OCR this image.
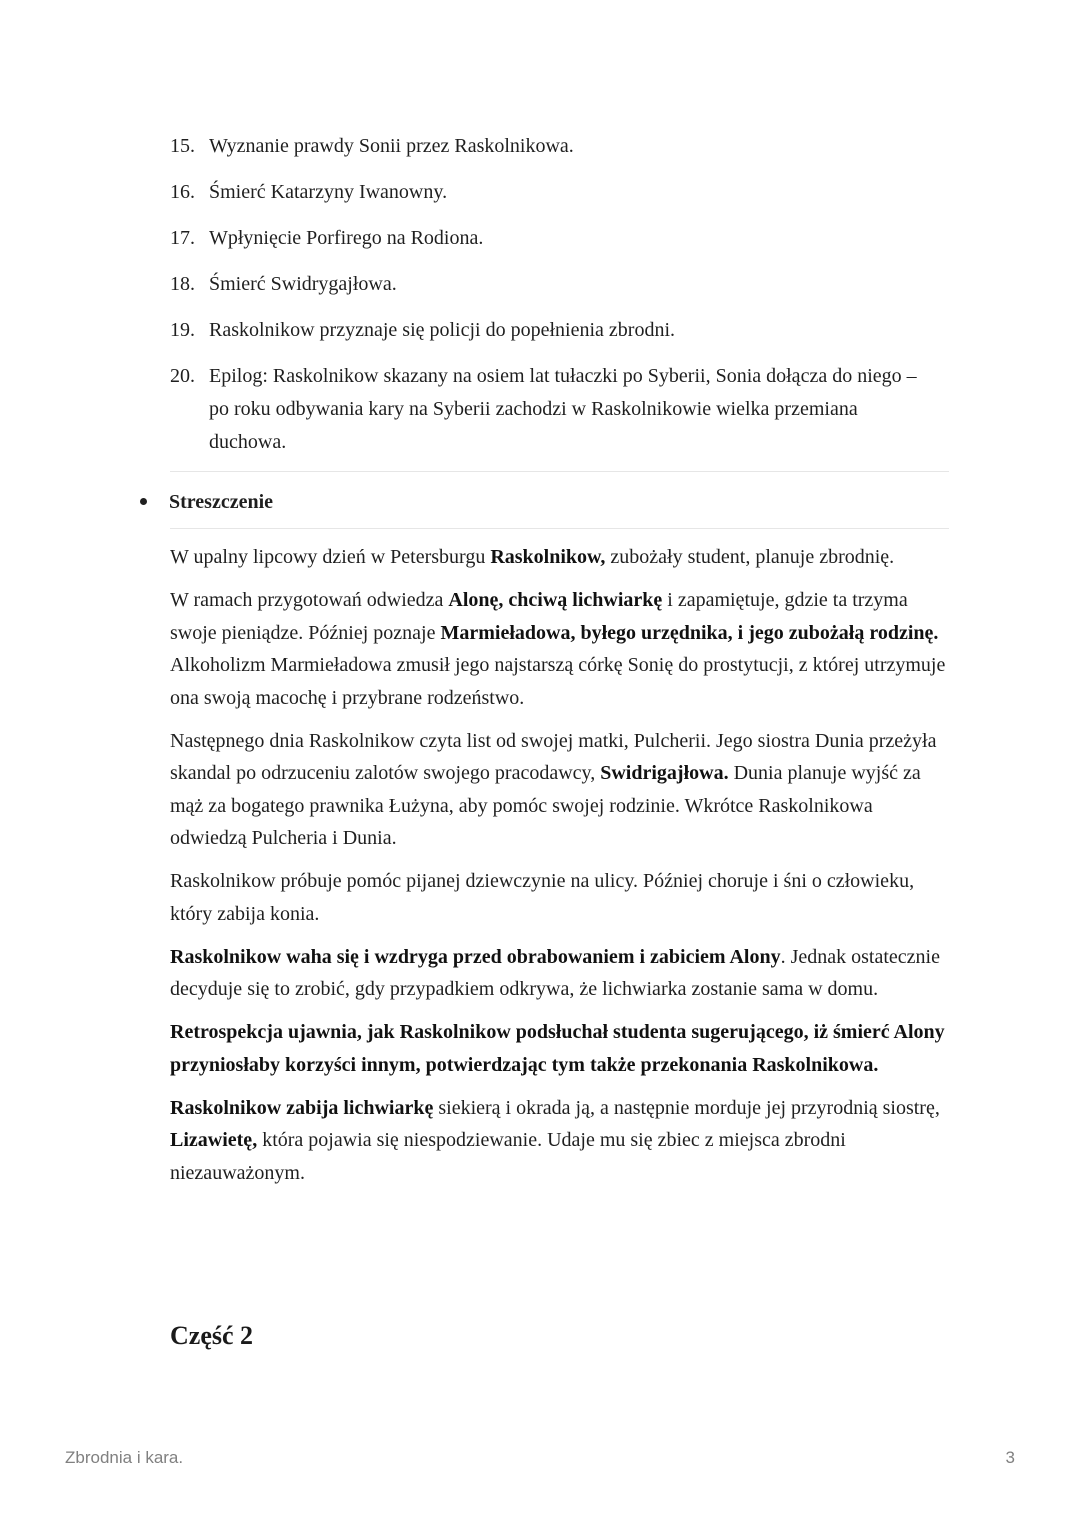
15. Wyznanie prawdy Sonii przez Raskolnikowa.
16. Śmierć Katarzyny Iwanowny.
17. Wpłynięcie Porfirego na Rodiona.
18. Śmierć Swidrygajłowa.
19. Raskolnikow przyznaje się policji do popełnienia zbrodni.
20. Epilog: Raskolnikow skazany na osiem lat tułaczki po Syberii, Sonia dołącza do niego – po roku odbywania kary na Syberii zachodzi w Raskolnikowie wielka przemiana duchowa.
Streszczenie

W upalny lipcowy dzień w Petersburgu Raskolnikow, zubożały student, planuje zbrodnię.

W ramach przygotowań odwiedza Alonę, chciwą lichwiarkę i zapamiętuje, gdzie ta trzyma swoje pieniądze. Później poznaje Marmieładowa, byłego urzędnika, i jego zubożałą rodzinę. Alkoholizm Marmieładowa zmusił jego najstarszą córkę Sonię do prostytucji, z której utrzymuje ona swoją macochę i przybrane rodzeństwo.

Następnego dnia Raskolnikow czyta list od swojej matki, Pulcherii. Jego siostra Dunia przeżyła skandal po odrzuceniu zalotów swojego pracodawcy, Swidrigajłowa. Dunia planuje wyjść za mąż za bogatego prawnika Łużyna, aby pomóc swojej rodzinie. Wkrótce Raskolnikowa odwiedzą Pulcheria i Dunia.

Raskolnikow próbuje pomóc pijanej dziewczynie na ulicy. Później choruje i śni o człowieku, który zabija konia.

Raskolnikow waha się i wzdryga przed obrabowaniem i zabiciem Alony. Jednak ostatecznie decyduje się to zrobić, gdy przypadkiem odkrywa, że lichwiarka zostanie sama w domu.

Retrospekcja ujawnia, jak Raskolnikow podsłuchał studenta sugerującego, iż śmierć Alony przyniosłaby korzyści innym, potwierdzając tym także przekonania Raskolnikowa.

Raskolnikow zabija lichwiarkę siekierą i okrada ją, a następnie morduje jej przyrodnią siostrę, Lizawietę, która pojawia się niespodziewanie. Udaje mu się zbiec z miejsca zbrodni niezauważonym.

Część 2
Zbrodnia i kara.	3
